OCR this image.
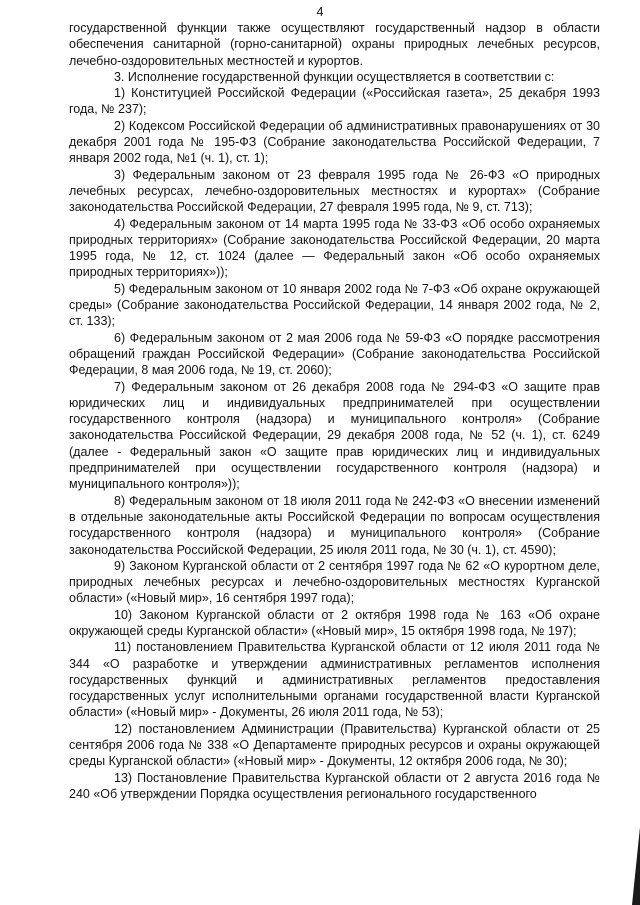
4

государственной функции также осуществляют государственный надзор в области обеспечения санитарной (горно-санитарной) охраны природных лечебных ресурсов, лечебно-оздоровительных местностей и курортов.

3. Исполнение государственной функции осуществляется в соответствии с:

1) Конституцией Российской Федерации («Российская газета», 25 декабря 1993 года, № 237);

2) Кодексом Российской Федерации об административных правонарушениях от 30 декабря 2001 года № 195-ФЗ (Собрание законодательства Российской Федерации, 7 января 2002 года, №1 (ч. 1), ст. 1);

3) Федеральным законом от 23 февраля 1995 года № 26-ФЗ «О природных лечебных ресурсах, лечебно-оздоровительных местностях и курортах» (Собрание законодательства Российской Федерации, 27 февраля 1995 года, № 9, ст. 713);

4) Федеральным законом от 14 марта 1995 года № 33-ФЗ «Об особо охраняемых природных территориях» (Собрание законодательства Российской Федерации, 20 марта 1995 года, № 12, ст. 1024 (далее — Федеральный закон «Об особо охраняемых природных территориях»));

5) Федеральным законом от 10 января 2002 года № 7-ФЗ «Об охране окружающей среды» (Собрание законодательства Российской Федерации, 14 января 2002 года, № 2, ст. 133);

6) Федеральным законом от 2 мая 2006 года № 59-ФЗ «О порядке рассмотрения обращений граждан Российской Федерации» (Собрание законодательства Российской Федерации, 8 мая 2006 года, № 19, ст. 2060);

7) Федеральным законом от 26 декабря 2008 года № 294-ФЗ «О защите прав юридических лиц и индивидуальных предпринимателей при осуществлении государственного контроля (надзора) и муниципального контроля» (Собрание законодательства Российской Федерации, 29 декабря 2008 года, № 52 (ч. 1), ст. 6249 (далее - Федеральный закон «О защите прав юридических лиц и индивидуальных предпринимателей при осуществлении государственного контроля (надзора) и муниципального контроля»));

8) Федеральным законом от 18 июля 2011 года № 242-ФЗ «О внесении изменений в отдельные законодательные акты Российской Федерации по вопросам осуществления государственного контроля (надзора) и муниципального контроля» (Собрание законодательства Российской Федерации, 25 июля 2011 года, № 30 (ч. 1), ст. 4590);

9) Законом Курганской области от 2 сентября 1997 года № 62 «О курортном деле, природных лечебных ресурсах и лечебно-оздоровительных местностях Курганской области» («Новый мир», 16 сентября 1997 года);

10) Законом Курганской области от 2 октября 1998 года № 163 «Об охране окружающей среды Курганской области» («Новый мир», 15 октября 1998 года, № 197);

11) постановлением Правительства Курганской области от 12 июля 2011 года № 344 «О разработке и утверждении административных регламентов исполнения государственных функций и административных регламентов предоставления государственных услуг исполнительными органами государственной власти Курганской области» («Новый мир» - Документы, 26 июля 2011 года, № 53);

12) постановлением Администрации (Правительства) Курганской области от 25 сентября 2006 года № 338 «О Департаменте природных ресурсов и охраны окружающей среды Курганской области» («Новый мир» - Документы, 12 октября 2006 года, № 30);

13) Постановление Правительства Курганской области от 2 августа 2016 года № 240 «Об утверждении Порядка осуществления регионального государственного
